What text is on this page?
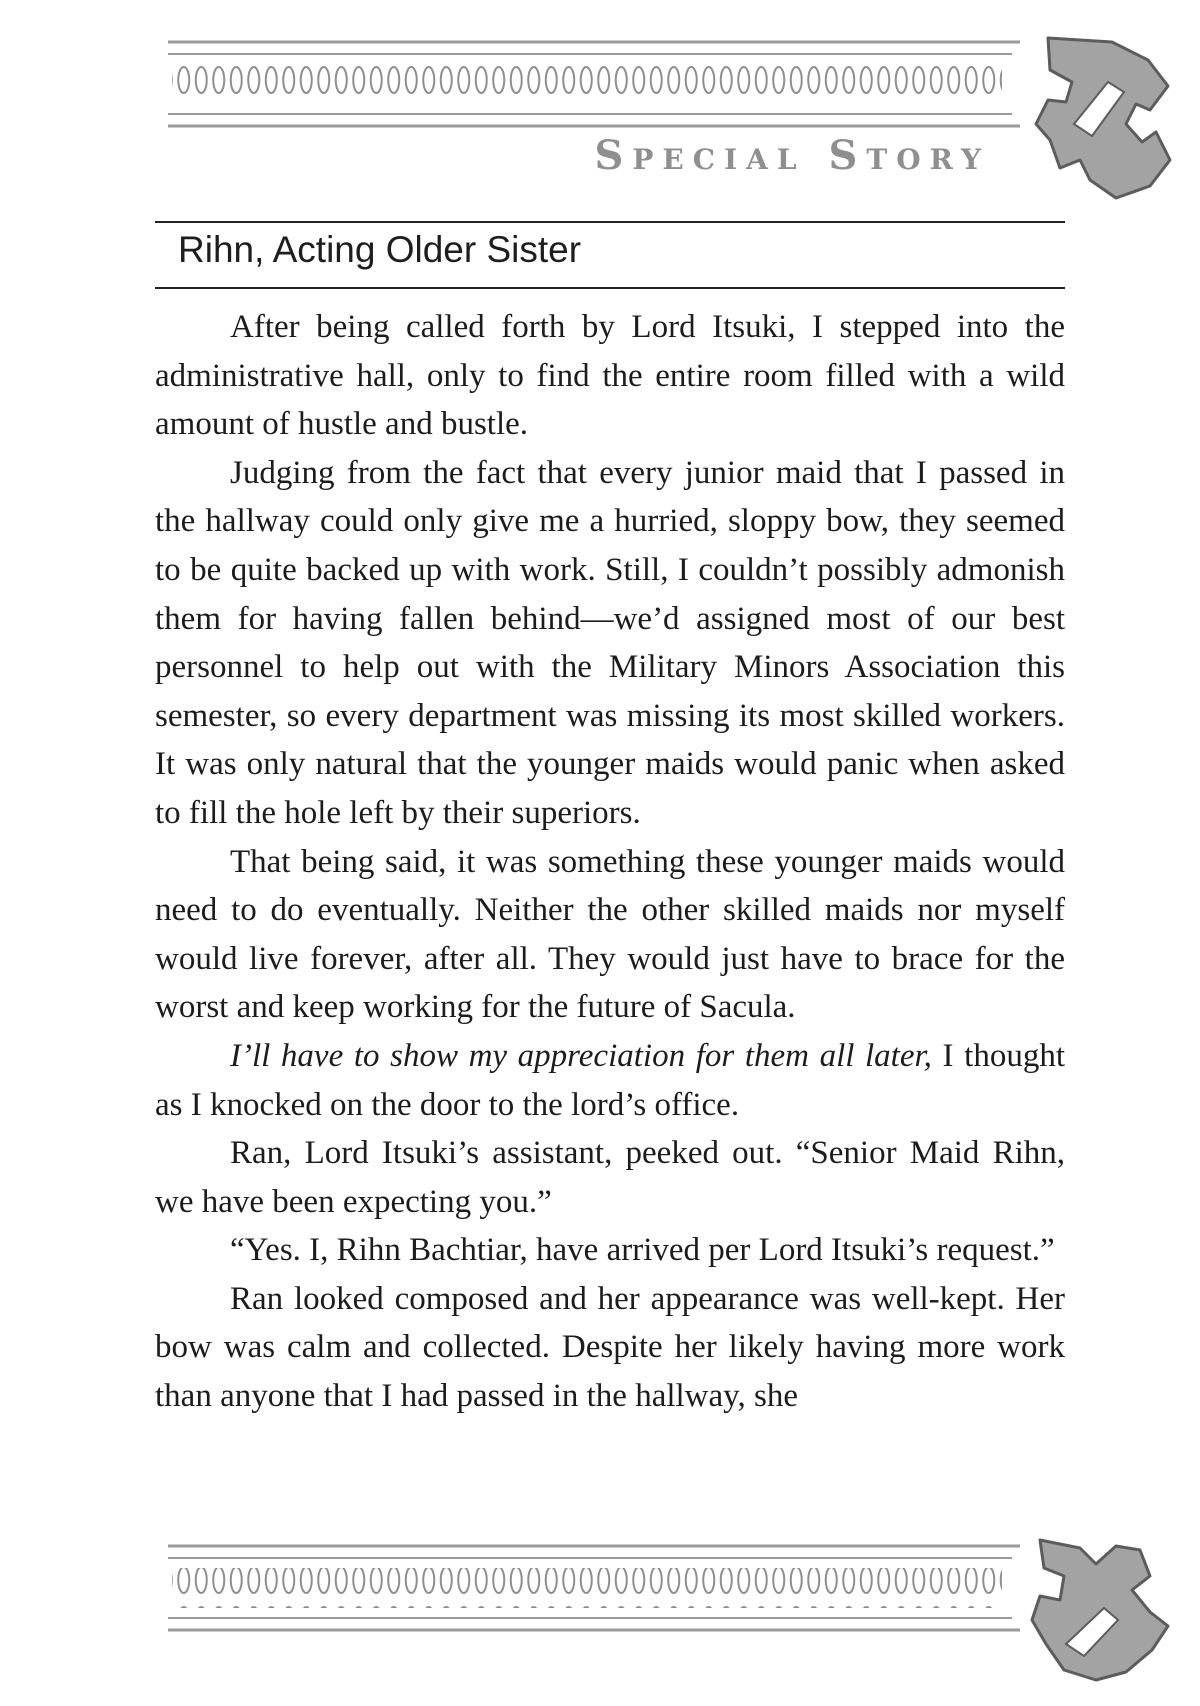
Special Story
Rihn, Acting Older Sister

After being called forth by Lord Itsuki, I stepped into the administrative hall, only to find the entire room filled with a wild amount of hustle and bustle.

Judging from the fact that every junior maid that I passed in the hallway could only give me a hurried, sloppy bow, they seemed to be quite backed up with work. Still, I couldn’t possibly admonish them for having fallen behind—we’d assigned most of our best personnel to help out with the Military Minors Association this semester, so every department was missing its most skilled workers. It was only natural that the younger maids would panic when asked to fill the hole left by their superiors.

That being said, it was something these younger maids would need to do eventually. Neither the other skilled maids nor myself would live forever, after all. They would just have to brace for the worst and keep working for the future of Sacula.

I’ll have to show my appreciation for them all later, I thought as I knocked on the door to the lord’s office.

Ran, Lord Itsuki’s assistant, peeked out. “Senior Maid Rihn, we have been expecting you.”

“Yes. I, Rihn Bachtiar, have arrived per Lord Itsuki’s request.”

Ran looked composed and her appearance was well-kept. Her bow was calm and collected. Despite her likely having more work than anyone that I had passed in the hallway, she
